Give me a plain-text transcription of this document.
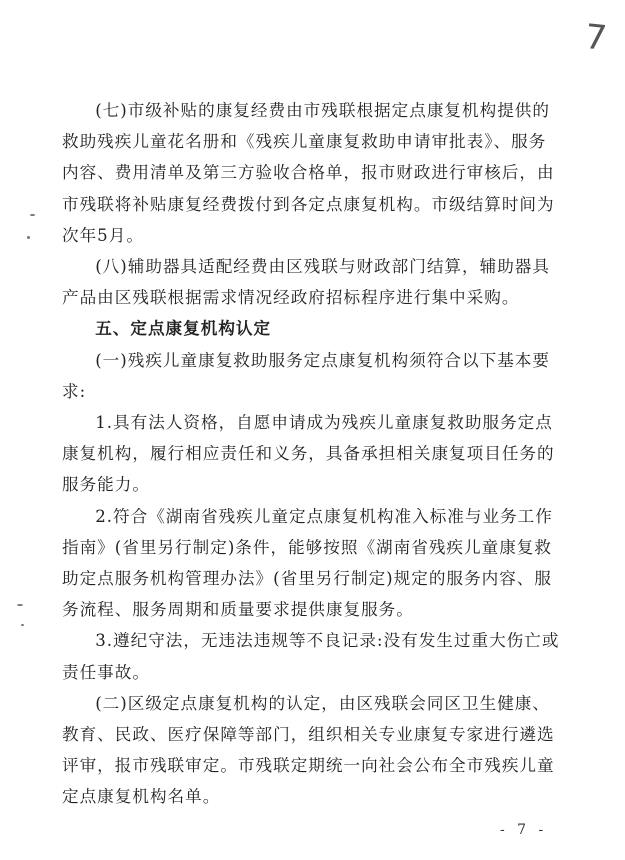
7

(七)市级补贴的康复经费由市残联根据定点康复机构提供的救助残疾儿童花名册和《残疾儿童康复救助申请审批表》、服务内容、费用清单及第三方验收合格单，报市财政进行审核后，由市残联将补贴康复经费拨付到各定点康复机构。市级结算时间为次年5月。

(八)辅助器具适配经费由区残联与财政部门结算，辅助器具产品由区残联根据需求情况经政府招标程序进行集中采购。

五、定点康复机构认定

(一)残疾儿童康复救助服务定点康复机构须符合以下基本要求:

1.具有法人资格，自愿申请成为残疾儿童康复救助服务定点康复机构，履行相应责任和义务，具备承担相关康复项目任务的服务能力。

2.符合《湖南省残疾儿童定点康复机构准入标准与业务工作指南》(省里另行制定)条件，能够按照《湖南省残疾儿童康复救助定点服务机构管理办法》(省里另行制定)规定的服务内容、服务流程、服务周期和质量要求提供康复服务。

3.遵纪守法，无违法违规等不良记录:没有发生过重大伤亡或责任事故。

(二)区级定点康复机构的认定，由区残联会同区卫生健康、教育、民政、医疗保障等部门，组织相关专业康复专家进行遴选评审，报市残联审定。市残联定期统一向社会公布全市残疾儿童定点康复机构名单。

- 7 -
